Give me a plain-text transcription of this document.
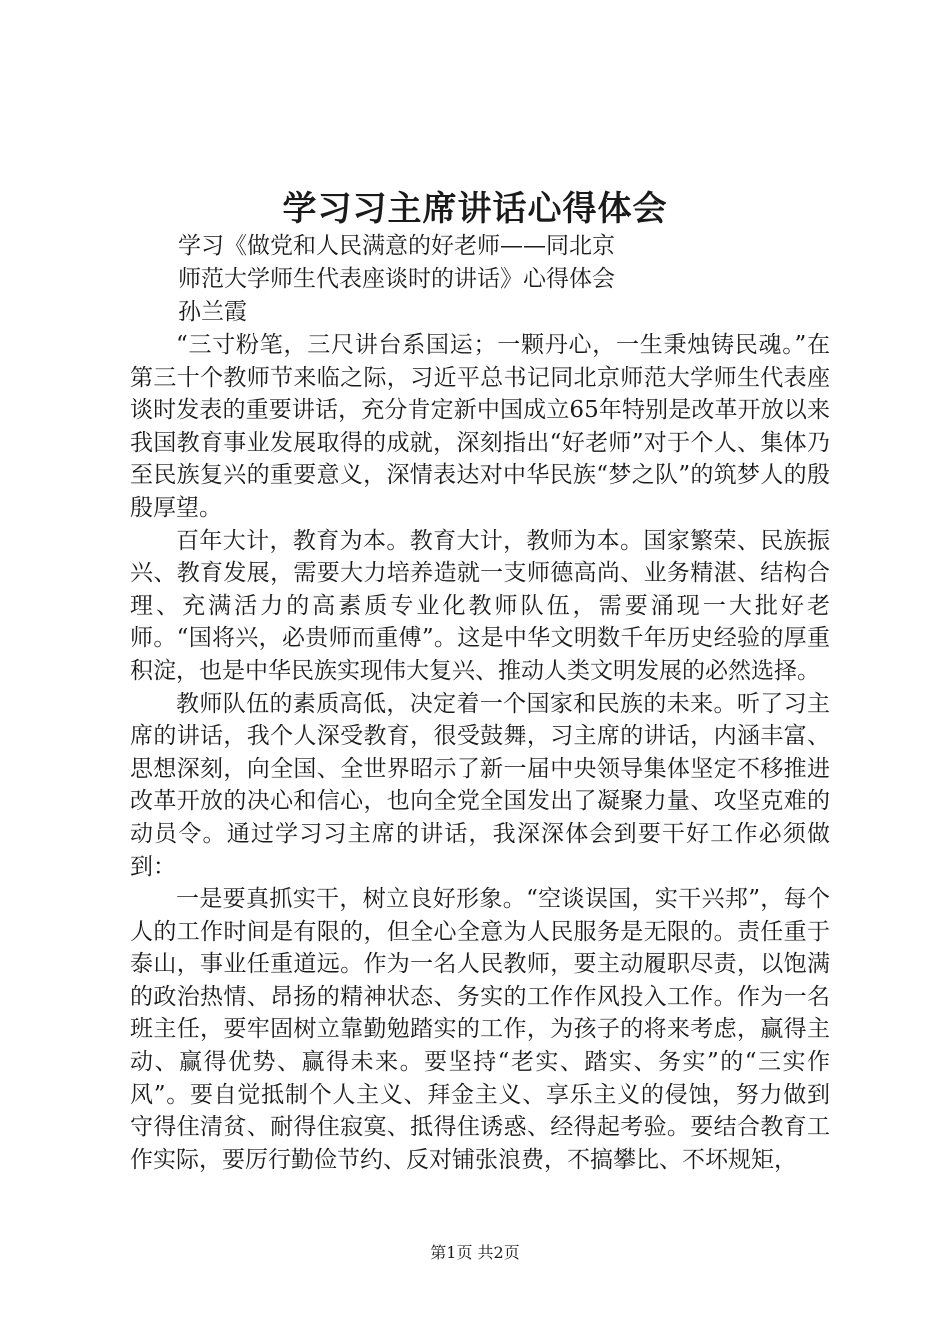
学习习主席讲话心得体会
学习《做党和人民满意的好老师——同北京
师范大学师生代表座谈时的讲话》心得体会
孙兰霞

“三寸粉笔，三尺讲台系国运；一颗丹心，一生秉烛铸民魂。”在第三十个教师节来临之际，习近平总书记同北京师范大学师生代表座谈时发表的重要讲话，充分肯定新中国成立65年特别是改革开放以来我国教育事业发展取得的成就，深刻指出“好老师”对于个人、集体乃至民族复兴的重要意义，深情表达对中华民族“梦之队”的筑梦人的殷殷厚望。

百年大计，教育为本。教育大计，教师为本。国家繁荣、民族振兴、教育发展，需要大力培养造就一支师德高尚、业务精湛、结构合理、充满活力的高素质专业化教师队伍，需要涌现一大批好老师。“国将兴，必贵师而重傅”。这是中华文明数千年历史经验的厚重积淀，也是中华民族实现伟大复兴、推动人类文明发展的必然选择。

教师队伍的素质高低，决定着一个国家和民族的未来。听了习主席的讲话，我个人深受教育，很受鼓舞，习主席的讲话，内涵丰富、思想深刻，向全国、全世界昭示了新一届中央领导集体坚定不移推进改革开放的决心和信心，也向全党全国发出了凝聚力量、攻坚克难的动员令。通过学习习主席的讲话，我深深体会到要干好工作必须做到：

一是要真抓实干，树立良好形象。“空谈误国，实干兴邦”，每个人的工作时间是有限的，但全心全意为人民服务是无限的。责任重于泰山，事业任重道远。作为一名人民教师，要主动履职尽责，以饱满的政治热情、昂扬的精神状态、务实的工作作风投入工作。作为一名班主任，要牢固树立靠勤勉踏实的工作，为孩子的将来考虑，赢得主动、赢得优势、赢得未来。要坚持“老实、踏实、务实”的“三实作风”。要自觉抵制个人主义、拜金主义、享乐主义的侵蚀，努力做到守得住清贫、耐得住寂寞、抵得住诱惑、经得起考验。要结合教育工作实际，要厉行勤俭节约、反对铺张浪费，不搞攀比、不坏规矩，

第1页 共2页
